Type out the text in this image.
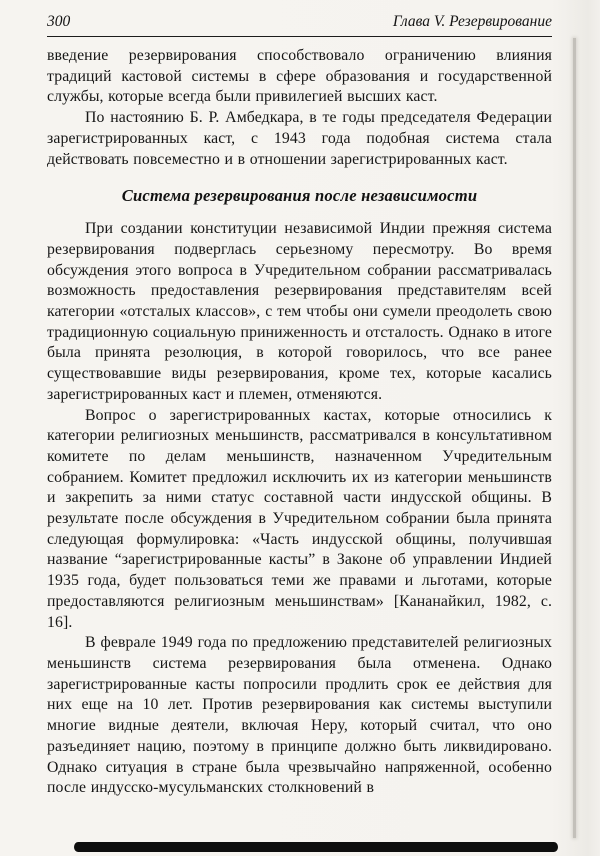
300	Глава V. Резервирование

введение резервирования способствовало ограничению влияния традиций кастовой системы в сфере образования и государственной службы, которые всегда были привилегией высших каст.

По настоянию Б. Р. Амбедкара, в те годы председателя Федерации зарегистрированных каст, с 1943 года подобная система стала действовать повсеместно и в отношении зарегистрированных каст.

Система резервирования после независимости

При создании конституции независимой Индии прежняя система резервирования подверглась серьезному пересмотру. Во время обсуждения этого вопроса в Учредительном собрании рассматривалась возможность предоставления резервирования представителям всей категории «отсталых классов», с тем чтобы они сумели преодолеть свою традиционную социальную приниженность и отсталость. Однако в итоге была принята резолюция, в которой говорилось, что все ранее существовавшие виды резервирования, кроме тех, которые касались зарегистрированных каст и племен, отменяются.

Вопрос о зарегистрированных кастах, которые относились к категории религиозных меньшинств, рассматривался в консультативном комитете по делам меньшинств, назначенном Учредительным собранием. Комитет предложил исключить их из категории меньшинств и закрепить за ними статус составной части индусской общины. В результате после обсуждения в Учредительном собрании была принята следующая формулировка: «Часть индусской общины, получившая название “зарегистрированные касты” в Законе об управлении Индией 1935 года, будет пользоваться теми же правами и льготами, которые предоставляются религиозным меньшинствам» [Кананайкил, 1982, с. 16].

В феврале 1949 года по предложению представителей религиозных меньшинств система резервирования была отменена. Однако зарегистрированные касты попросили продлить срок ее действия для них еще на 10 лет. Против резервирования как системы выступили многие видные деятели, включая Неру, который считал, что оно разъединяет нацию, поэтому в принципе должно быть ликвидировано. Однако ситуация в стране была чрезвычайно напряженной, особенно после индусско-мусульманских столкновений в
